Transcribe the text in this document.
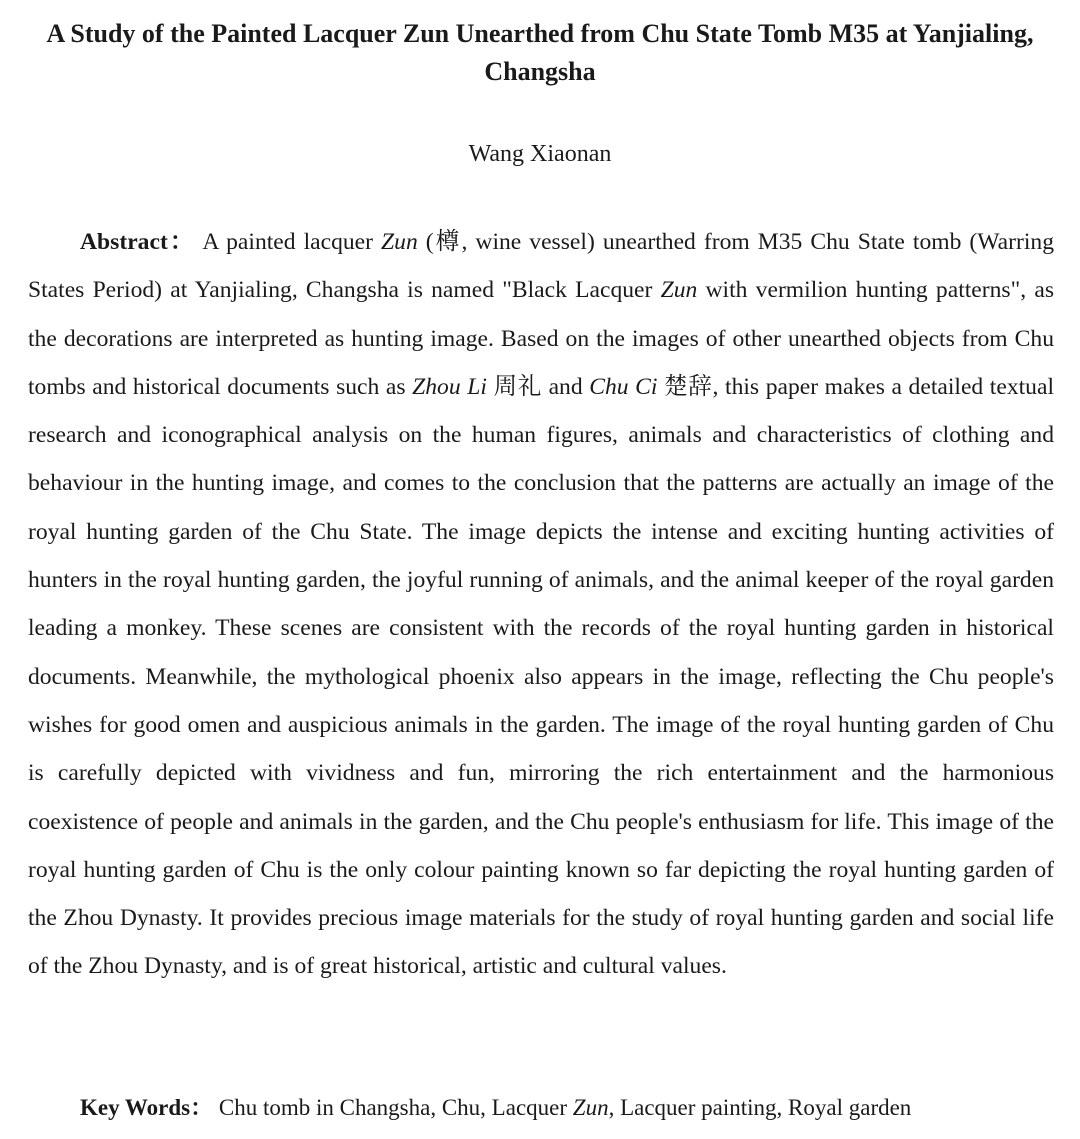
A Study of the Painted Lacquer Zun Unearthed from Chu State Tomb M35 at Yanjialing, Changsha

Wang Xiaonan

Abstract： A painted lacquer Zun (樽, wine vessel) unearthed from M35 Chu State tomb (Warring States Period) at Yanjialing, Changsha is named "Black Lacquer Zun with vermilion hunting patterns", as the decorations are interpreted as hunting image. Based on the images of other unearthed objects from Chu tombs and historical documents such as Zhou Li 周礼 and Chu Ci 楚辞, this paper makes a detailed textual research and iconographical analysis on the human figures, animals and characteristics of clothing and behaviour in the hunting image, and comes to the conclusion that the patterns are actually an image of the royal hunting garden of the Chu State. The image depicts the intense and exciting hunting activities of hunters in the royal hunting garden, the joyful running of animals, and the animal keeper of the royal garden leading a monkey. These scenes are consistent with the records of the royal hunting garden in historical documents. Meanwhile, the mythological phoenix also appears in the image, reflecting the Chu people's wishes for good omen and auspicious animals in the garden. The image of the royal hunting garden of Chu is carefully depicted with vividness and fun, mirroring the rich entertainment and the harmonious coexistence of people and animals in the garden, and the Chu people's enthusiasm for life. This image of the royal hunting garden of Chu is the only colour painting known so far depicting the royal hunting garden of the Zhou Dynasty. It provides precious image materials for the study of royal hunting garden and social life of the Zhou Dynasty, and is of great historical, artistic and cultural values.

Key Words： Chu tomb in Changsha, Chu, Lacquer Zun, Lacquer painting, Royal garden
